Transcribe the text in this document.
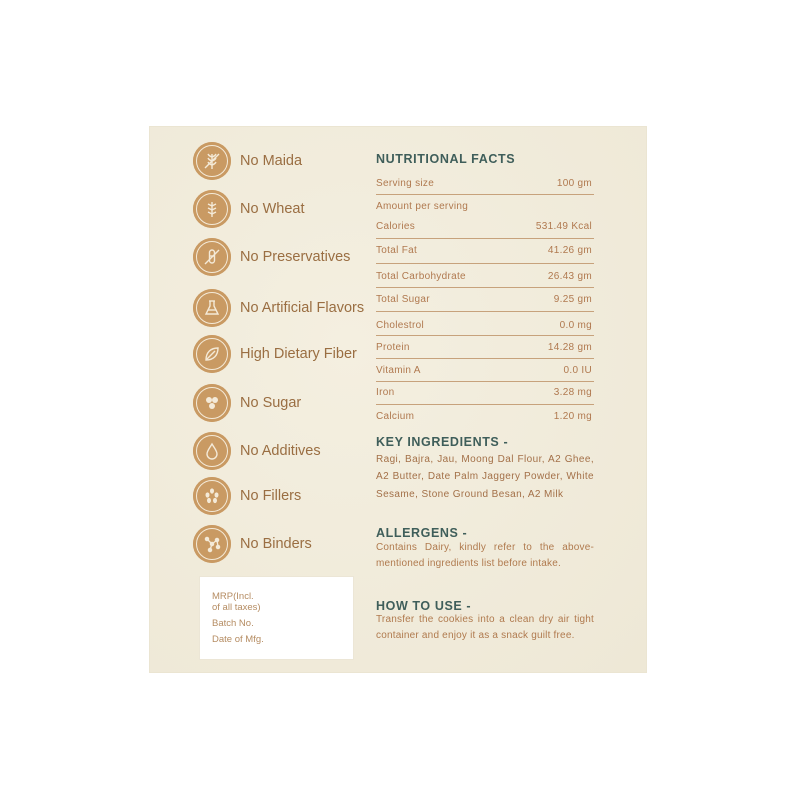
No Maida
No Wheat
No Preservatives
No Artificial Flavors
High Dietary Fiber
No Sugar
No Additives
No Fillers
No Binders
MRP(Incl.
of all taxes)
Batch No.
Date of Mfg.
NUTRITIONAL FACTS
Serving size	100 gm
Amount per serving
Calories	531.49 Kcal
Total Fat	41.26 gm
Total Carbohydrate	26.43 gm
Total Sugar	9.25 gm
Cholestrol	0.0 mg
Protein	14.28 gm
Vitamin A	0.0 IU
Iron	3.28 mg
Calcium	1.20 mg
KEY INGREDIENTS -
Ragi, Bajra, Jau, Moong Dal Flour, A2 Ghee, A2 Butter, Date Palm Jaggery Powder, White Sesame, Stone Ground Besan, A2 Milk
ALLERGENS -
Contains Dairy, kindly refer to the above-mentioned ingredients list before intake.
HOW TO USE -
Transfer the cookies into a clean dry air tight container and enjoy it as a snack guilt free.
